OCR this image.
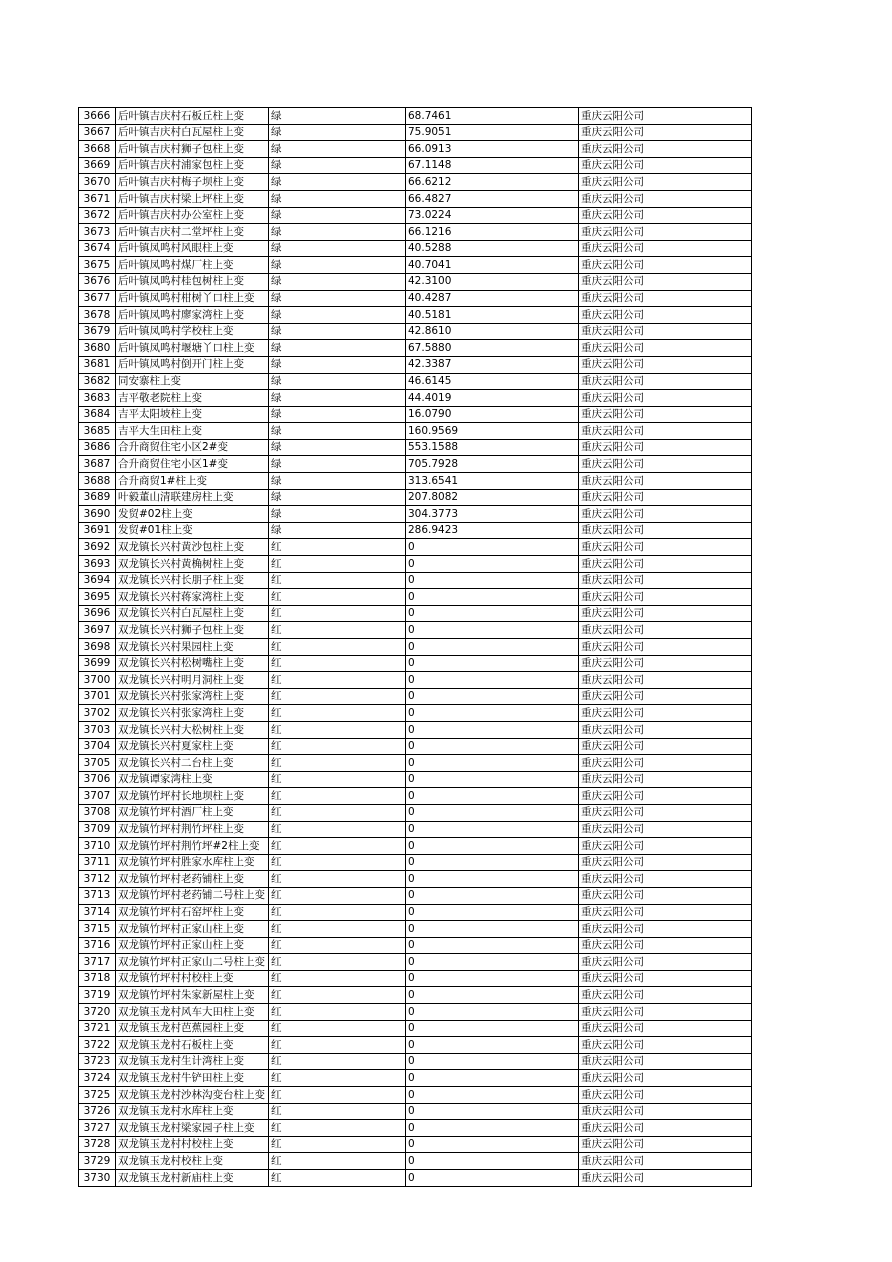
3666	后叶镇吉庆村石板丘柱上变	绿	68.7461	重庆云阳公司
3667	后叶镇吉庆村白瓦屋柱上变	绿	75.9051	重庆云阳公司
3668	后叶镇吉庆村狮子包柱上变	绿	66.0913	重庆云阳公司
3669	后叶镇吉庆村浦家包柱上变	绿	67.1148	重庆云阳公司
3670	后叶镇吉庆村梅子坝柱上变	绿	66.6212	重庆云阳公司
3671	后叶镇吉庆村梁上坪柱上变	绿	66.4827	重庆云阳公司
3672	后叶镇吉庆村办公室柱上变	绿	73.0224	重庆云阳公司
3673	后叶镇吉庆村二堂坪柱上变	绿	66.1216	重庆云阳公司
3674	后叶镇凤鸣村风眼柱上变	绿	40.5288	重庆云阳公司
3675	后叶镇凤鸣村煤厂柱上变	绿	40.7041	重庆云阳公司
3676	后叶镇凤鸣村桂包树柱上变	绿	42.3100	重庆云阳公司
3677	后叶镇凤鸣村柑树丫口柱上变	绿	40.4287	重庆云阳公司
3678	后叶镇凤鸣村廖家湾柱上变	绿	40.5181	重庆云阳公司
3679	后叶镇凤鸣村学校柱上变	绿	42.8610	重庆云阳公司
3680	后叶镇凤鸣村堰塘丫口柱上变	绿	67.5880	重庆云阳公司
3681	后叶镇凤鸣村倒开门柱上变	绿	42.3387	重庆云阳公司
3682	同安寨柱上变	绿	46.6145	重庆云阳公司
3683	吉平敬老院柱上变	绿	44.4019	重庆云阳公司
3684	吉平太阳坡柱上变	绿	16.0790	重庆云阳公司
3685	吉平大生田柱上变	绿	160.9569	重庆云阳公司
3686	合升商贸住宅小区2#变	绿	553.1588	重庆云阳公司
3687	合升商贸住宅小区1#变	绿	705.7928	重庆云阳公司
3688	合升商贸1#柱上变	绿	313.6541	重庆云阳公司
3689	叶毅董山清联建房柱上变	绿	207.8082	重庆云阳公司
3690	发贸#02柱上变	绿	304.3773	重庆云阳公司
3691	发贸#01柱上变	绿	286.9423	重庆云阳公司
3692	双龙镇长兴村黄沙包柱上变	红	0	重庆云阳公司
3693	双龙镇长兴村黄桷树柱上变	红	0	重庆云阳公司
3694	双龙镇长兴村长朋子柱上变	红	0	重庆云阳公司
3695	双龙镇长兴村蒋家湾柱上变	红	0	重庆云阳公司
3696	双龙镇长兴村白瓦屋柱上变	红	0	重庆云阳公司
3697	双龙镇长兴村狮子包柱上变	红	0	重庆云阳公司
3698	双龙镇长兴村果园柱上变	红	0	重庆云阳公司
3699	双龙镇长兴村松树嘴柱上变	红	0	重庆云阳公司
3700	双龙镇长兴村明月洞柱上变	红	0	重庆云阳公司
3701	双龙镇长兴村张家湾柱上变	红	0	重庆云阳公司
3702	双龙镇长兴村张家湾柱上变	红	0	重庆云阳公司
3703	双龙镇长兴村大松树柱上变	红	0	重庆云阳公司
3704	双龙镇长兴村夏家柱上变	红	0	重庆云阳公司
3705	双龙镇长兴村二台柱上变	红	0	重庆云阳公司
3706	双龙镇谭家湾柱上变	红	0	重庆云阳公司
3707	双龙镇竹坪村长地坝柱上变	红	0	重庆云阳公司
3708	双龙镇竹坪村酒厂柱上变	红	0	重庆云阳公司
3709	双龙镇竹坪村荆竹坪柱上变	红	0	重庆云阳公司
3710	双龙镇竹坪村荆竹坪#2柱上变	红	0	重庆云阳公司
3711	双龙镇竹坪村胜家水库柱上变	红	0	重庆云阳公司
3712	双龙镇竹坪村老药铺柱上变	红	0	重庆云阳公司
3713	双龙镇竹坪村老药铺二号柱上变	红	0	重庆云阳公司
3714	双龙镇竹坪村石窑坪柱上变	红	0	重庆云阳公司
3715	双龙镇竹坪村正家山柱上变	红	0	重庆云阳公司
3716	双龙镇竹坪村正家山柱上变	红	0	重庆云阳公司
3717	双龙镇竹坪村正家山二号柱上变	红	0	重庆云阳公司
3718	双龙镇竹坪村村校柱上变	红	0	重庆云阳公司
3719	双龙镇竹坪村朱家新屋柱上变	红	0	重庆云阳公司
3720	双龙镇玉龙村风车大田柱上变	红	0	重庆云阳公司
3721	双龙镇玉龙村芭蕉园柱上变	红	0	重庆云阳公司
3722	双龙镇玉龙村石板柱上变	红	0	重庆云阳公司
3723	双龙镇玉龙村生计湾柱上变	红	0	重庆云阳公司
3724	双龙镇玉龙村牛铲田柱上变	红	0	重庆云阳公司
3725	双龙镇玉龙村沙林沟变台柱上变	红	0	重庆云阳公司
3726	双龙镇玉龙村水库柱上变	红	0	重庆云阳公司
3727	双龙镇玉龙村梁家园子柱上变	红	0	重庆云阳公司
3728	双龙镇玉龙村村校柱上变	红	0	重庆云阳公司
3729	双龙镇玉龙村校柱上变	红	0	重庆云阳公司
3730	双龙镇玉龙村新庙柱上变	红	0	重庆云阳公司
